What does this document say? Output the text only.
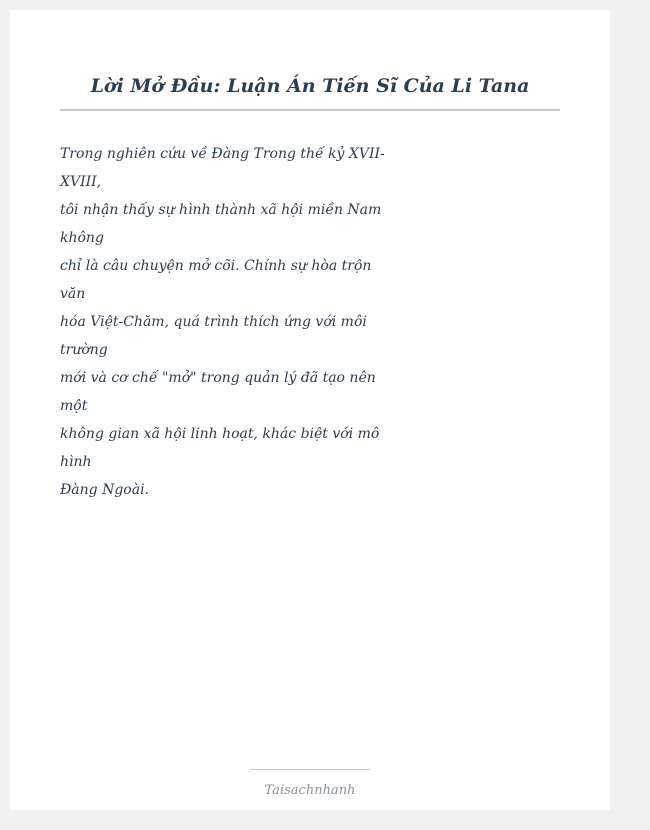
Lời Mở Đầu: Luận Án Tiến Sĩ Của Li Tana
Trong nghiên cứu về Đàng Trong thế kỷ XVII-
XVIII,
tôi nhận thấy sự hình thành xã hội miền Nam
không
chỉ là câu chuyện mở cõi. Chính sự hòa trộn
văn
hóa Việt-Chăm, quá trình thích ứng với môi
trường
mới và cơ chế "mở" trong quản lý đã tạo nên
một
không gian xã hội linh hoạt, khác biệt với mô
hình
Đàng Ngoài.
Taisachnhanh
